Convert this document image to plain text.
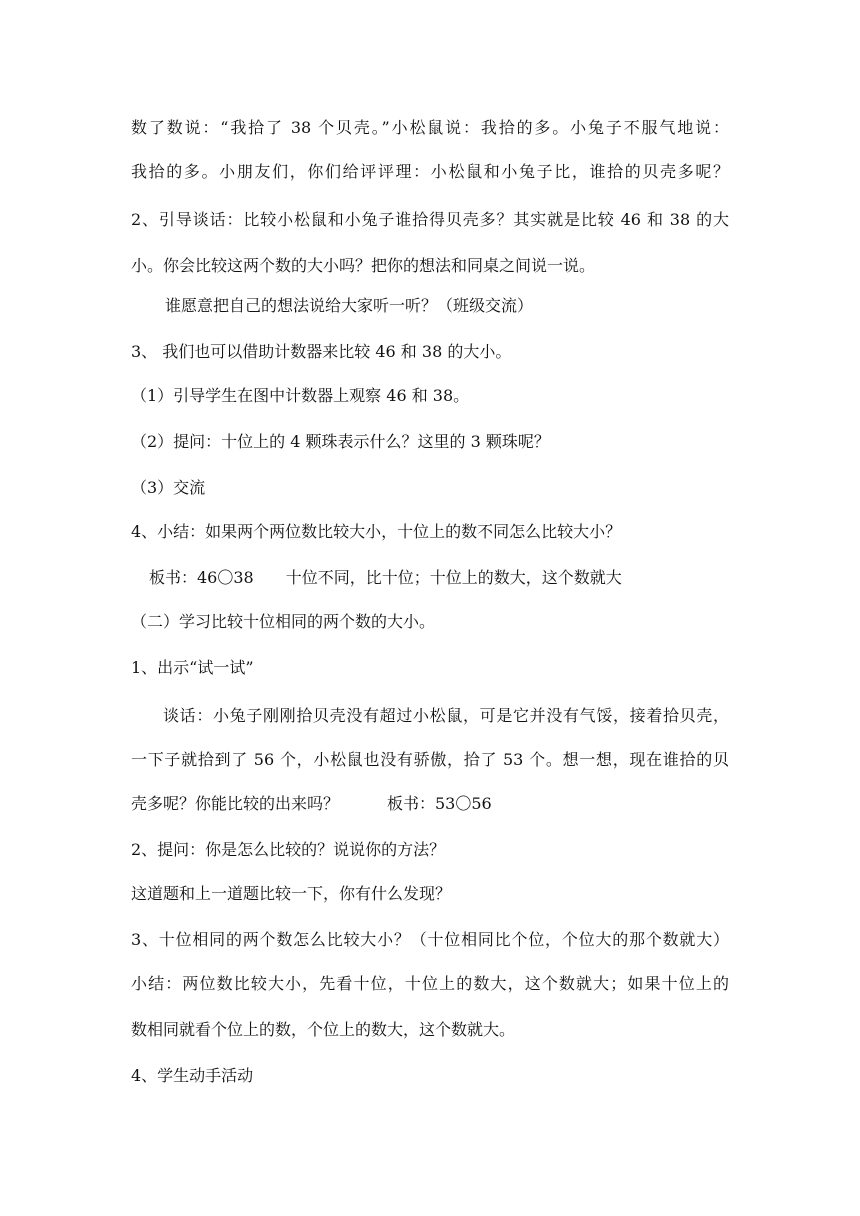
数了数说：“我拾了 38 个贝壳。”小松鼠说：我拾的多。小兔子不服气地说：
我拾的多。小朋友们，你们给评评理：小松鼠和小兔子比，谁拾的贝壳多呢？
2、引导谈话：比较小松鼠和小兔子谁拾得贝壳多？其实就是比较 46 和 38 的大
小。你会比较这两个数的大小吗？把你的想法和同桌之间说一说。
谁愿意把自己的想法说给大家听一听？（班级交流）
3、 我们也可以借助计数器来比较 46 和 38 的大小。
（1）引导学生在图中计数器上观察 46 和 38。
（2）提问：十位上的 4 颗珠表示什么？这里的 3 颗珠呢？
（3）交流
4、小结：如果两个两位数比较大小，十位上的数不同怎么比较大小？
板书：46〇38　　十位不同，比十位；十位上的数大，这个数就大
（二）学习比较十位相同的两个数的大小。
1、出示“试一试”
谈话：小兔子刚刚拾贝壳没有超过小松鼠，可是它并没有气馁，接着拾贝壳，
一下子就拾到了 56 个，小松鼠也没有骄傲，拾了 53 个。想一想，现在谁拾的贝
壳多呢？你能比较的出来吗？　　　板书：53〇56
2、提问：你是怎么比较的？说说你的方法？
这道题和上一道题比较一下，你有什么发现？
3、十位相同的两个数怎么比较大小？（十位相同比个位，个位大的那个数就大）
小结：两位数比较大小，先看十位，十位上的数大，这个数就大；如果十位上的
数相同就看个位上的数，个位上的数大，这个数就大。
4、学生动手活动
